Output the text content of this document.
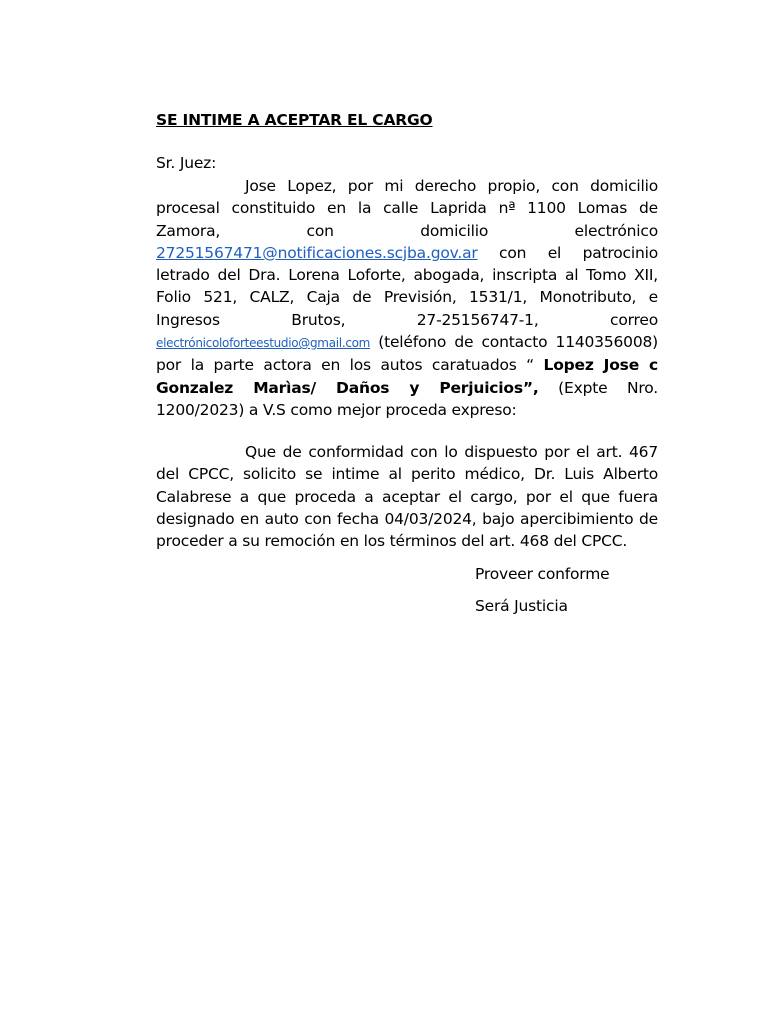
SE INTIME A ACEPTAR EL CARGO
Sr. Juez:
Jose Lopez, por mi derecho propio, con domicilio procesal constituido en la calle Laprida nª 1100 Lomas de Zamora, con domicilio electrónico 27251567471@notificaciones.scjba.gov.ar con el patrocinio letrado del Dra. Lorena Loforte, abogada, inscripta al Tomo XII, Folio 521, CALZ, Caja de Previsión, 1531/1, Monotributo, e Ingresos Brutos, 27-25156747-1, correo electrónicoloforteestudio@gmail.com (teléfono de contacto 1140356008) por la parte actora en los autos caratuados “ Lopez Jose c Gonzalez Marìas/ Daños y Perjuicios”, (Expte Nro. 1200/2023) a V.S como mejor proceda expreso:
Que de conformidad con lo dispuesto por el art. 467 del CPCC, solicito se intime al perito médico, Dr. Luis Alberto Calabrese a que proceda a aceptar el cargo, por el que fuera designado en auto con fecha 04/03/2024, bajo apercibimiento de proceder a su remoción en los términos del art. 468 del CPCC.
Proveer conforme
Será Justicia
